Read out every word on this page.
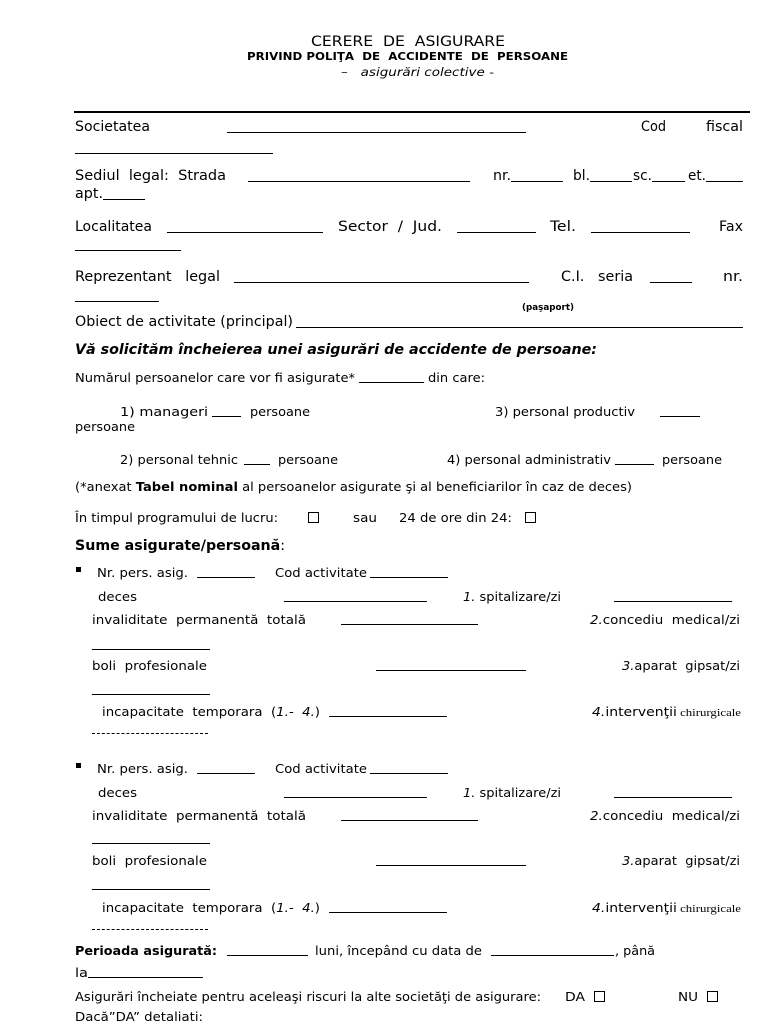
CERERE  DE  ASIGURARE
PRIVIND POLIŢA  DE  ACCIDENTE  DE  PERSOANE
–   asigurări colective -
Societatea	Cod	fiscal
Sediul  legal:  Strada	nr.	bl.	sc.	et.
apt.
Localitatea	Sector  /  Jud.	Tel.	Fax
Reprezentant   legal	C.I.   seria	nr.
(paşaport)
Obiect de activitate (principal)
Vă solicităm încheierea unei asigurări de accidente de persoane:
Numărul persoanelor care vor fi asigurate*	din care:
1) manageri	persoane	3) personal productiv
persoane
2) personal tehnic	persoane	4) personal administrativ	persoane
(*anexat Tabel nominal al persoanelor asigurate şi al beneficiarilor în caz de deces)
În timpul programului de lucru:	sau 24 de ore din 24:
Sume asigurate/persoană:
Nr. pers. asig.	Cod activitate
deces	1. spitalizare/zi
invaliditate  permanentă  totală	2.concediu  medical/zi
boli  profesionale	3.aparat  gipsat/zi
incapacitate  temporara  (1.-  4.)	4.intervenţii chirurgicale
Nr. pers. asig.	Cod activitate
deces	1. spitalizare/zi
invaliditate  permanentă  totală	2.concediu  medical/zi
boli  profesionale	3.aparat  gipsat/zi
incapacitate  temporara  (1.-  4.)	4.intervenţii chirurgicale
Perioada asigurată:	luni, începând cu data de	, până
la
Asigurări încheiate pentru aceleaşi riscuri la alte societăţi de asigurare: DA	NU
Dacă”DA” detaliati:
